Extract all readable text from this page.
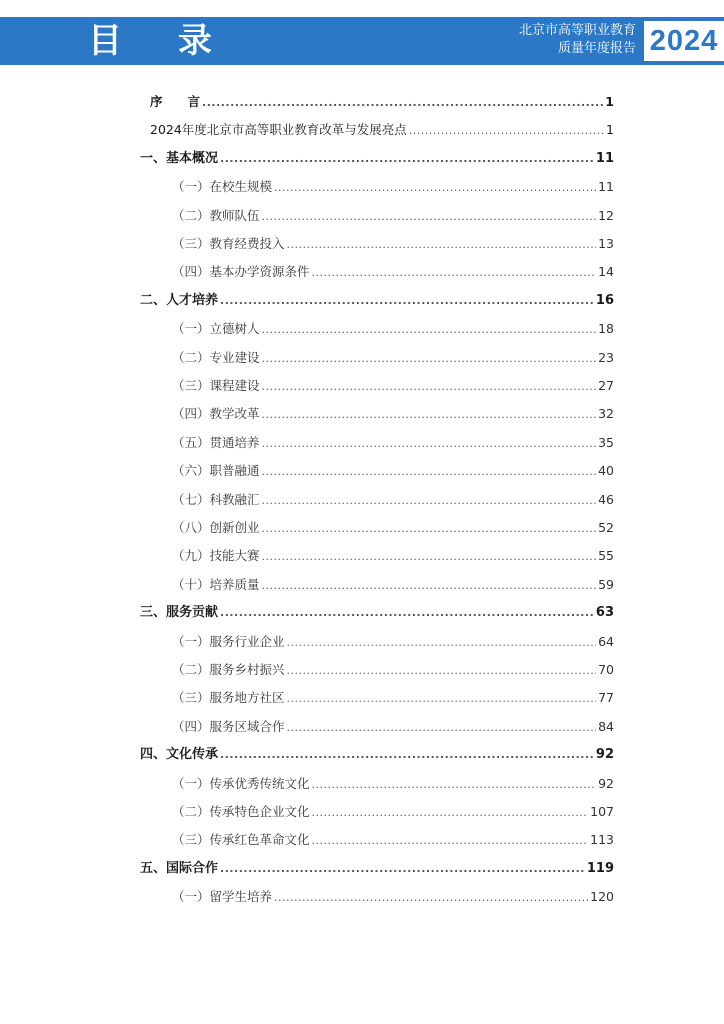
目 录	北京市高等职业教育
质量年度报告 2024
序　　言 .....	1
2024年度北京市高等职业教育改革与发展亮点 .....	1
一、基本概况 .....	11
（一）在校生规模 .....	11
（二）教师队伍 .....	12
（三）教育经费投入 .....	13
（四）基本办学资源条件 .....	14
二、人才培养 .....	16
（一）立德树人 .....	18
（二）专业建设 .....	23
（三）课程建设 .....	27
（四）教学改革 .....	32
（五）贯通培养 .....	35
（六）职普融通 .....	40
（七）科教融汇 .....	46
（八）创新创业 .....	52
（九）技能大赛 .....	55
（十）培养质量 .....	59
三、服务贡献 .....	63
（一）服务行业企业 .....	64
（二）服务乡村振兴 .....	70
（三）服务地方社区 .....	77
（四）服务区域合作 .....	84
四、文化传承 .....	92
（一）传承优秀传统文化 .....	92
（二）传承特色企业文化 .....	107
（三）传承红色革命文化 .....	113
五、国际合作 .....	119
（一）留学生培养 .....	120
